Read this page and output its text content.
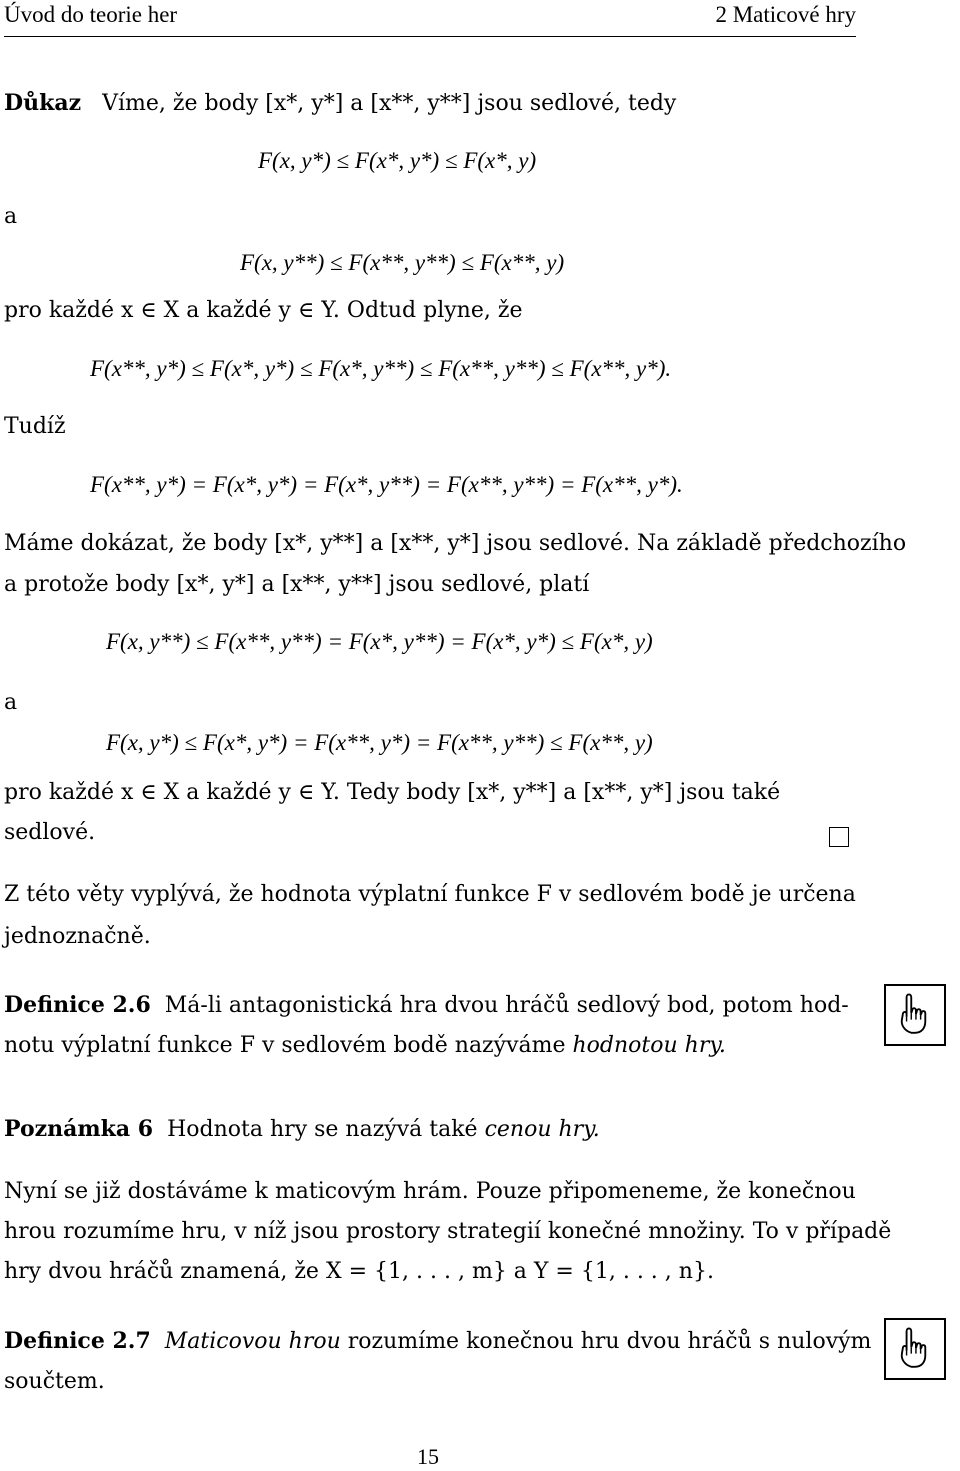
Úvod do teorie her	2 Maticové hry
Důkaz Víme, že body [x*, y*] a [x**, y**] jsou sedlové, tedy
F(x, y*) ≤ F(x*, y*) ≤ F(x*, y)
a
F(x, y**) ≤ F(x**, y**) ≤ F(x**, y)
pro každé x ∈ X a každé y ∈ Y. Odtud plyne, že
F(x**, y*) ≤ F(x*, y*) ≤ F(x*, y**) ≤ F(x**, y**) ≤ F(x**, y*).
Tudíž
F(x**, y*) = F(x*, y*) = F(x*, y**) = F(x**, y**) = F(x**, y*).
Máme dokázat, že body [x*, y**] a [x**, y*] jsou sedlové. Na základě předchozího
a protože body [x*, y*] a [x**, y**] jsou sedlové, platí
F(x, y**) ≤ F(x**, y**) = F(x*, y**) = F(x*, y*) ≤ F(x*, y)
a
F(x, y*) ≤ F(x*, y*) = F(x**, y*) = F(x**, y**) ≤ F(x**, y)
pro každé x ∈ X a každé y ∈ Y. Tedy body [x*, y**] a [x**, y*] jsou také
sedlové.
Z této věty vyplývá, že hodnota výplatní funkce F v sedlovém bodě je určena
jednoznačně.
Definice 2.6 Má-li antagonistická hra dvou hráčů sedlový bod, potom hod-
notu výplatní funkce F v sedlovém bodě nazýváme hodnotou hry.
Poznámka 6 Hodnota hry se nazývá také cenou hry.
Nyní se již dostáváme k maticovým hrám. Pouze připomeneme, že konečnou
hrou rozumíme hru, v níž jsou prostory strategií konečné množiny. To v případě
hry dvou hráčů znamená, že X = {1, . . . , m} a Y = {1, . . . , n}.
Definice 2.7 Maticovou hrou rozumíme konečnou hru dvou hráčů s nulovým
součtem.
15
